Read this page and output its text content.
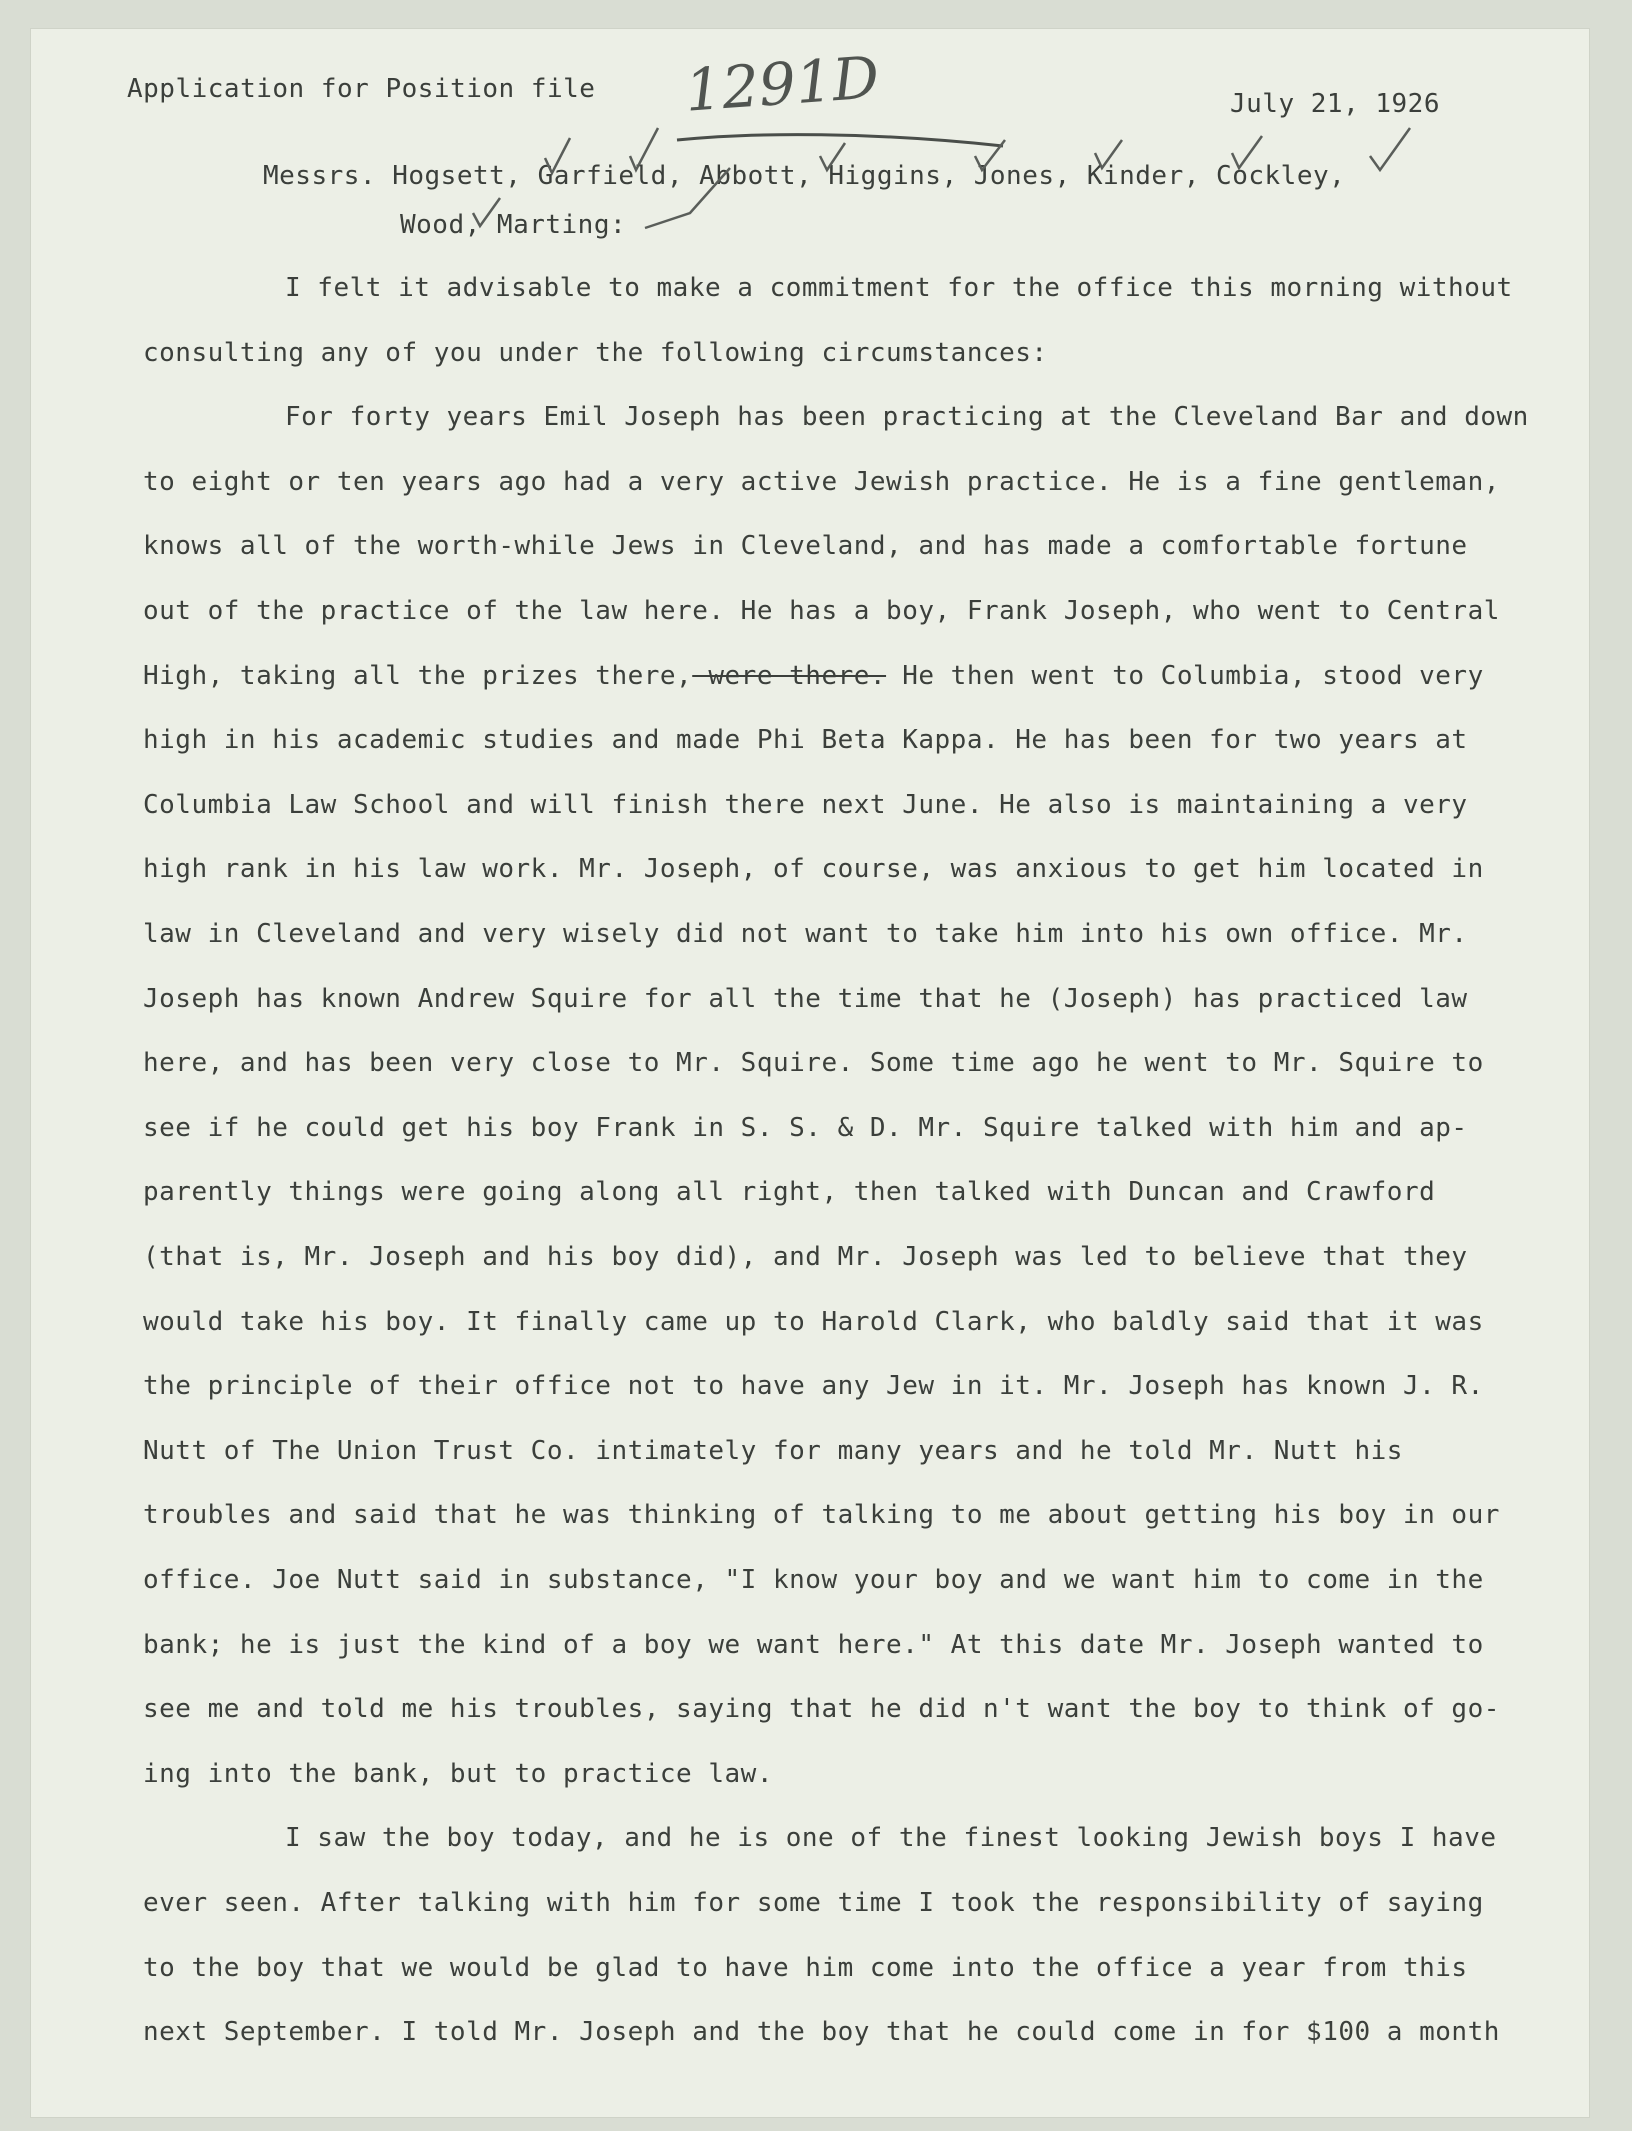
Application for Position file 1291D	July 21, 1926
Messrs. Hogsett, Garfield, Abbott, Higgins, Jones, Kinder, Cockley,
Wood, Marting:
I felt it advisable to make a commitment for the office this morning without
consulting any of you under the following circumstances:
For forty years Emil Joseph has been practicing at the Cleveland Bar and down
to eight or ten years ago had a very active Jewish practice. He is a fine gentleman,
knows all of the worth-while Jews in Cleveland, and has made a comfortable fortune
out of the practice of the law here. He has a boy, Frank Joseph, who went to Central
High, taking all the prizes there, were there. He then went to Columbia, stood very
high in his academic studies and made Phi Beta Kappa. He has been for two years at
Columbia Law School and will finish there next June. He also is maintaining a very
high rank in his law work. Mr. Joseph, of course, was anxious to get him located in
law in Cleveland and very wisely did not want to take him into his own office. Mr.
Joseph has known Andrew Squire for all the time that he (Joseph) has practiced law
here, and has been very close to Mr. Squire. Some time ago he went to Mr. Squire to
see if he could get his boy Frank in S. S. & D. Mr. Squire talked with him and ap-
parently things were going along all right, then talked with Duncan and Crawford
(that is, Mr. Joseph and his boy did), and Mr. Joseph was led to believe that they
would take his boy. It finally came up to Harold Clark, who baldly said that it was
the principle of their office not to have any Jew in it. Mr. Joseph has known J. R.
Nutt of The Union Trust Co. intimately for many years and he told Mr. Nutt his
troubles and said that he was thinking of talking to me about getting his boy in our
office. Joe Nutt said in substance, "I know your boy and we want him to come in the
bank; he is just the kind of a boy we want here." At this date Mr. Joseph wanted to
see me and told me his troubles, saying that he did n't want the boy to think of go-
ing into the bank, but to practice law.
I saw the boy today, and he is one of the finest looking Jewish boys I have
ever seen. After talking with him for some time I took the responsibility of saying
to the boy that we would be glad to have him come into the office a year from this
next September. I told Mr. Joseph and the boy that he could come in for $100 a month
